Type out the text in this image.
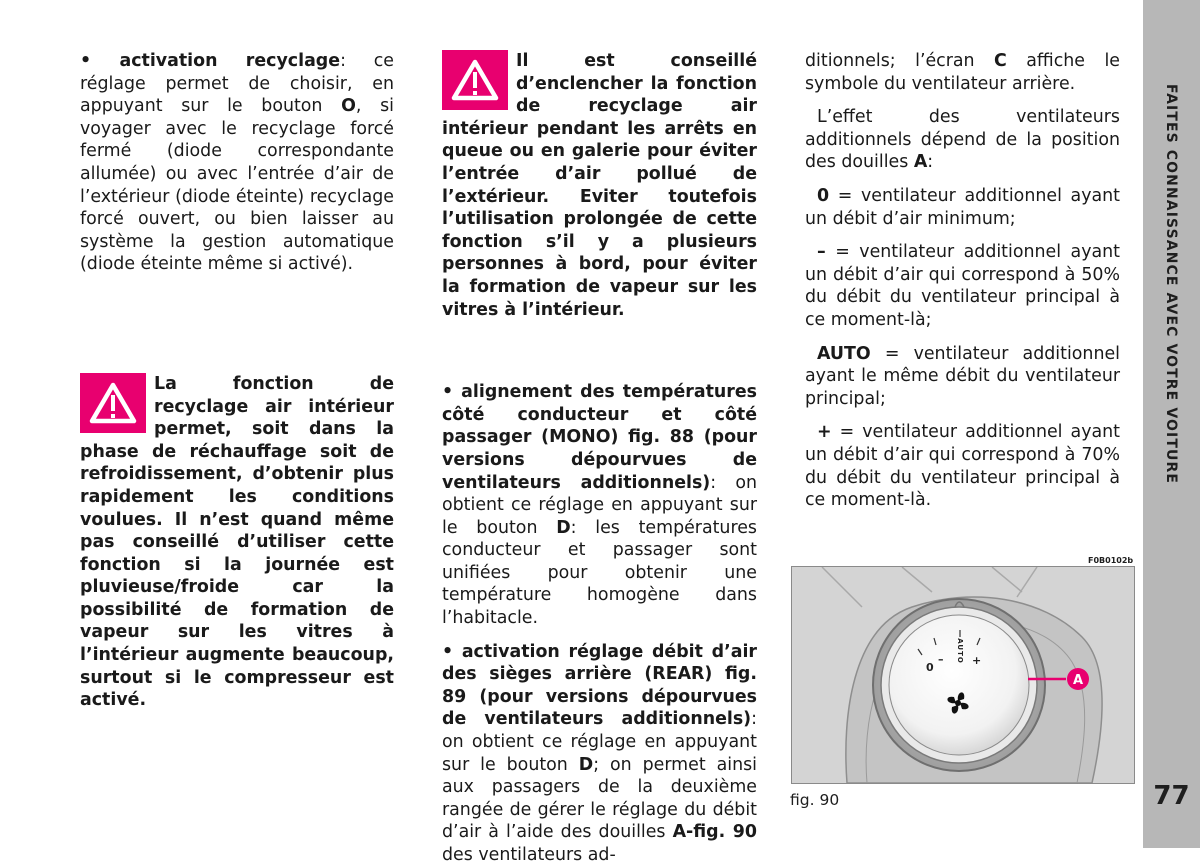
• activation recyclage: ce réglage permet de choisir, en appuyant sur le bouton O, si voyager avec le recyclage forcé fermé (diode correspondante allumée) ou avec l’entrée d’air de l’extérieur (diode éteinte) recyclage forcé ouvert, ou bien laisser au système la gestion automatique (diode éteinte même si activé).

La fonction de recyclage air intérieur permet, soit dans la phase de réchauffage soit de refroidissement, d’obtenir plus rapidement les conditions voulues. Il n’est quand même pas conseillé d’utiliser cette fonction si la journée est pluvieuse/froide car la possibilité de formation de vapeur sur les vitres à l’intérieur augmente beaucoup, surtout si le compresseur est activé.
Il est conseillé d’enclencher la fonction de recyclage air intérieur pendant les arrêts en queue ou en galerie pour éviter l’entrée d’air pollué de l’extérieur. Eviter toutefois l’utilisation prolongée de cette fonction s’il y a plusieurs personnes à bord, pour éviter la formation de vapeur sur les vitres à l’intérieur.

• alignement des températures côté conducteur et côté passager (MONO) fig. 88 (pour versions dépourvues de ventilateurs additionnels): on obtient ce réglage en appuyant sur le bouton D: les températures conducteur et passager sont unifiées pour obtenir une température homogène dans l’habitacle.

• activation réglage débit d’air des sièges arrière (REAR) fig. 89 (pour versions dépourvues de ventilateurs additionnels): on obtient ce réglage en appuyant sur le bouton D; on permet ainsi aux passagers de la deuxième rangée de gérer le réglage du débit d’air à l’aide des douilles A-fig. 90 des ventilateurs ad-

ditionnels; l’écran C affiche le symbole du ventilateur arrière.

L’effet des ventilateurs additionnels dépend de la position des douilles A:

0 = ventilateur additionnel ayant un débit d’air minimum;

– = ventilateur additionnel ayant un débit d’air qui correspond à 50% du débit du ventilateur principal à ce moment-là;

AUTO = ventilateur additionnel ayant le même débit du ventilateur principal;

+ = ventilateur additionnel ayant un débit d’air qui correspond à 70% du débit du ventilateur principal à ce moment-là.

F0B0102b
0
–	+
AUTO
A
fig. 90
FAITES CONNAISSANCE AVEC VOTRE VOITURE
77
